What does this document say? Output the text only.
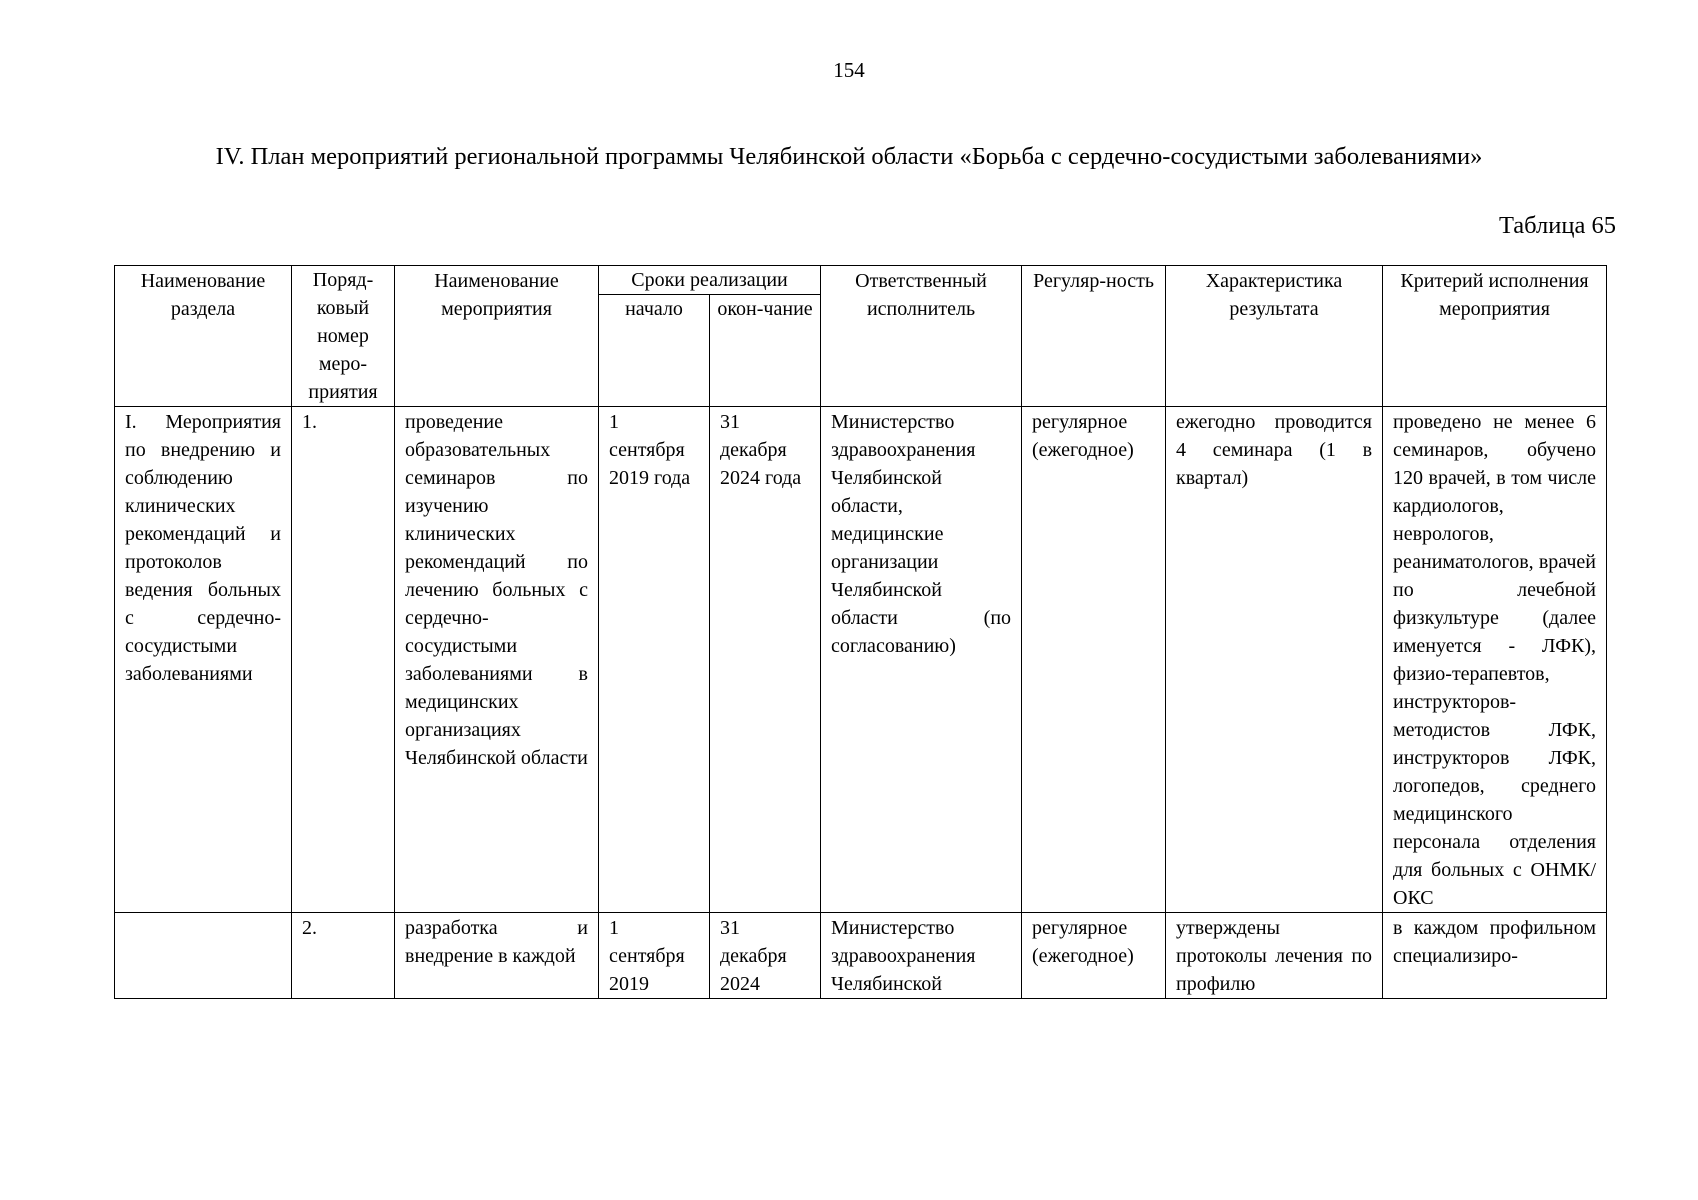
154
IV. План мероприятий региональной программы Челябинской области «Борьба с сердечно-сосудистыми заболеваниями»
Таблица 65
Наименование раздела	Поряд-ковый номер меро-приятия	Наименование мероприятия	Сроки реализации		Ответственный исполнитель	Регуляр-ность	Характеристика результата	Критерий исполнения мероприятия
			начало	окон-чание				
I. Мероприятия по внедрению и соблюдению клинических рекомендаций и протоколов ведения больных с сердечно-сосудистыми заболеваниями	1.	проведение образовательных семинаров по изучению клинических рекомендаций по лечению больных с сердечно-сосудистыми заболеваниями в медицинских организациях Челябинской области	1 сентября 2019 года	31 декабря 2024 года	Министерство здравоохранения Челябинской области, медицинские организации Челябинской области (по согласованию)	регулярное (ежегодное)	ежегодно проводится 4 семинара (1 в квартал)	проведено не менее 6 семинаров, обучено 120 врачей, в том числе кардиологов, неврологов, реаниматологов, врачей по лечебной физкультуре (далее именуется - ЛФК), физио-терапевтов, инструкторов-методистов ЛФК, инструкторов ЛФК, логопедов, среднего медицинского персонала отделения для больных с ОНМК/ОКС
	2.	разработка и внедрение в каждой	1 сентября 2019	31 декабря 2024	Министерство здравоохранения Челябинской	регулярное (ежегодное)	утверждены протоколы лечения по профилю	в каждом профильном специализиро-
